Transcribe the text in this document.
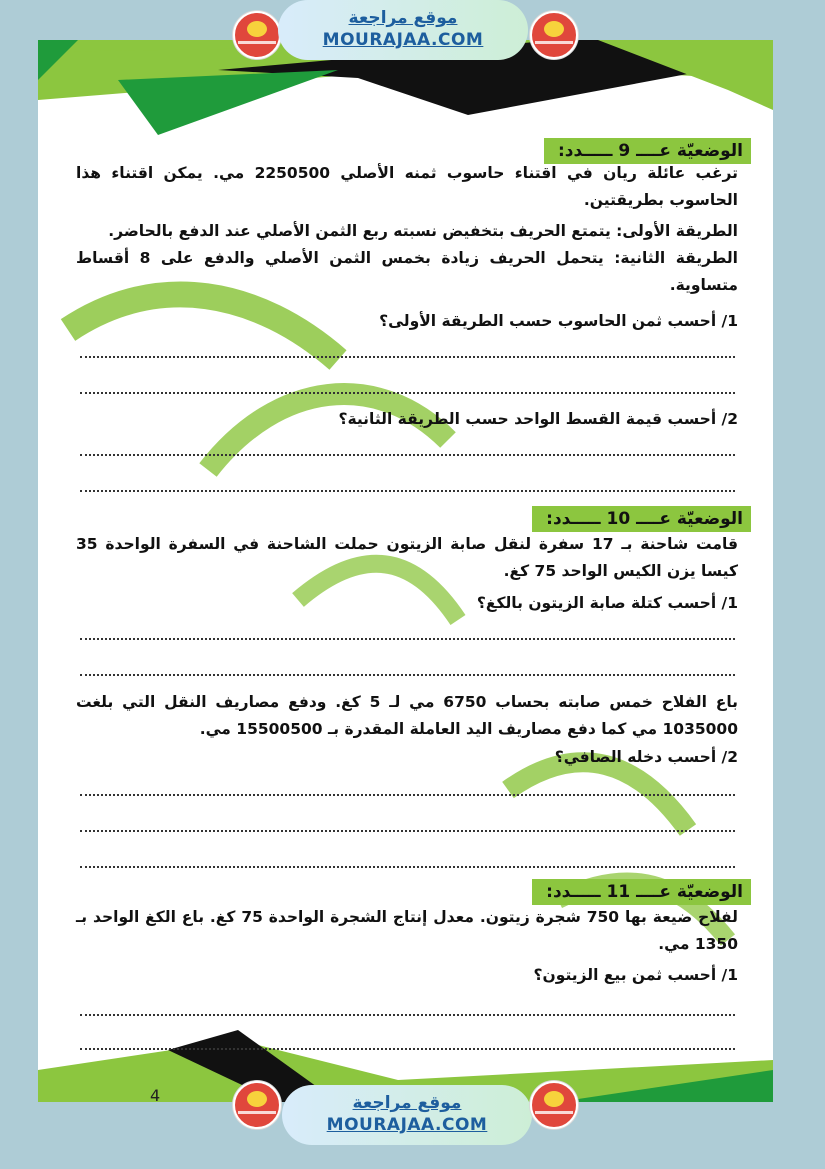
الوضعيّة عــــ 9 ـــــدد:
ترغب عائلة ريان في اقتناء حاسوب ثمنه الأصلي 2250500 مي. يمكن اقتناء هذا الحاسوب بطريقتين.
الطريقة الأولى: يتمتع الحريف بتخفيض نسبته ربع الثمن الأصلي عند الدفع بالحاضر.
الطريقة الثانية: يتحمل الحريف زيادة بخمس الثمن الأصلي والدفع على 8 أقساط متساوية.
1/ أحسب ثمن الحاسوب حسب الطريقة الأولى؟
2/ أحسب قيمة القسط الواحد حسب الطريقة الثانية؟
الوضعيّة عــــ 10 ـــــدد:
قامت شاحنة بـ 17 سفرة لنقل صابة الزيتون حملت الشاحنة في السفرة الواحدة 35 كيسا يزن الكيس الواحد 75 كغ.
1/ أحسب كتلة صابة الزيتون بالكغ؟
باع الفلاح خمس صابته بحساب 6750 مي لـ 5 كغ. ودفع مصاريف النقل التي بلغت 1035000 مي كما دفع مصاريف اليد العاملة المقدرة بـ 15500500 مي.
2/ أحسب دخله الصافي؟
الوضعيّة عــــ 11 ـــــدد:
لفلاح ضيعة بها 750 شجرة زيتون. معدل إنتاج الشجرة الواحدة 75 كغ. باع الكغ الواحد بـ 1350 مي.
1/ أحسب ثمن بيع الزيتون؟
4
موقع مراجعة
MOURAJAA.COM
موقع مراجعة
MOURAJAA.COM
